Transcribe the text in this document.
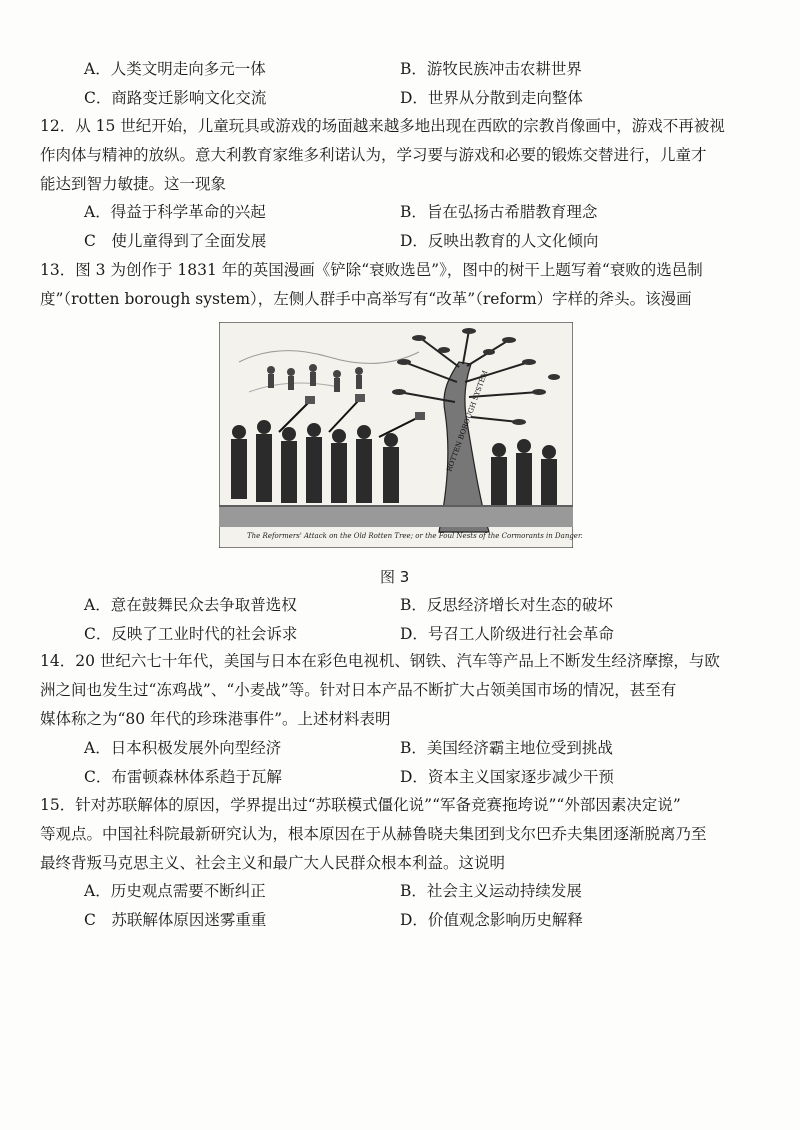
A．人类文明走向多元一体	B．游牧民族冲击农耕世界
C．商路变迁影响文化交流	D．世界从分散到走向整体
12．从 15 世纪开始，儿童玩具或游戏的场面越来越多地出现在西欧的宗教肖像画中，游戏不再被视
作肉体与精神的放纵。意大利教育家维多利诺认为，学习要与游戏和必要的锻炼交替进行，儿童才
能达到智力敏捷。这一现象
A．得益于科学革命的兴起	B．旨在弘扬古希腊教育理念
C　使儿童得到了全面发展	D．反映出教育的人文化倾向
13．图 3 为创作于 1831 年的英国漫画《铲除“衰败选邑”》，图中的树干上题写着“衰败的选邑制
度”（rotten borough system），左侧人群手中高举写有“改革”（reform）字样的斧头。该漫画
ROTTEN BOROUGH SYSTEM
The Reformers' Attack on the Old Rotten Tree; or the Foul Nests of the Cormorants in Danger.
图 3
A．意在鼓舞民众去争取普选权	B．反思经济增长对生态的破坏
C．反映了工业时代的社会诉求	D．号召工人阶级进行社会革命
14．20 世纪六七十年代，美国与日本在彩色电视机、钢铁、汽车等产品上不断发生经济摩擦，与欧
洲之间也发生过“冻鸡战”、“小麦战”等。针对日本产品不断扩大占领美国市场的情况，甚至有
媒体称之为“80 年代的珍珠港事件”。上述材料表明
A．日本积极发展外向型经济	B．美国经济霸主地位受到挑战
C．布雷顿森林体系趋于瓦解	D．资本主义国家逐步减少干预
15．针对苏联解体的原因，学界提出过“苏联模式僵化说”“军备竞赛拖垮说”“外部因素决定说”
等观点。中国社科院最新研究认为，根本原因在于从赫鲁晓夫集团到戈尔巴乔夫集团逐渐脱离乃至
最终背叛马克思主义、社会主义和最广大人民群众根本利益。这说明
A．历史观点需要不断纠正	B．社会主义运动持续发展
C　苏联解体原因迷雾重重	D．价值观念影响历史解释
